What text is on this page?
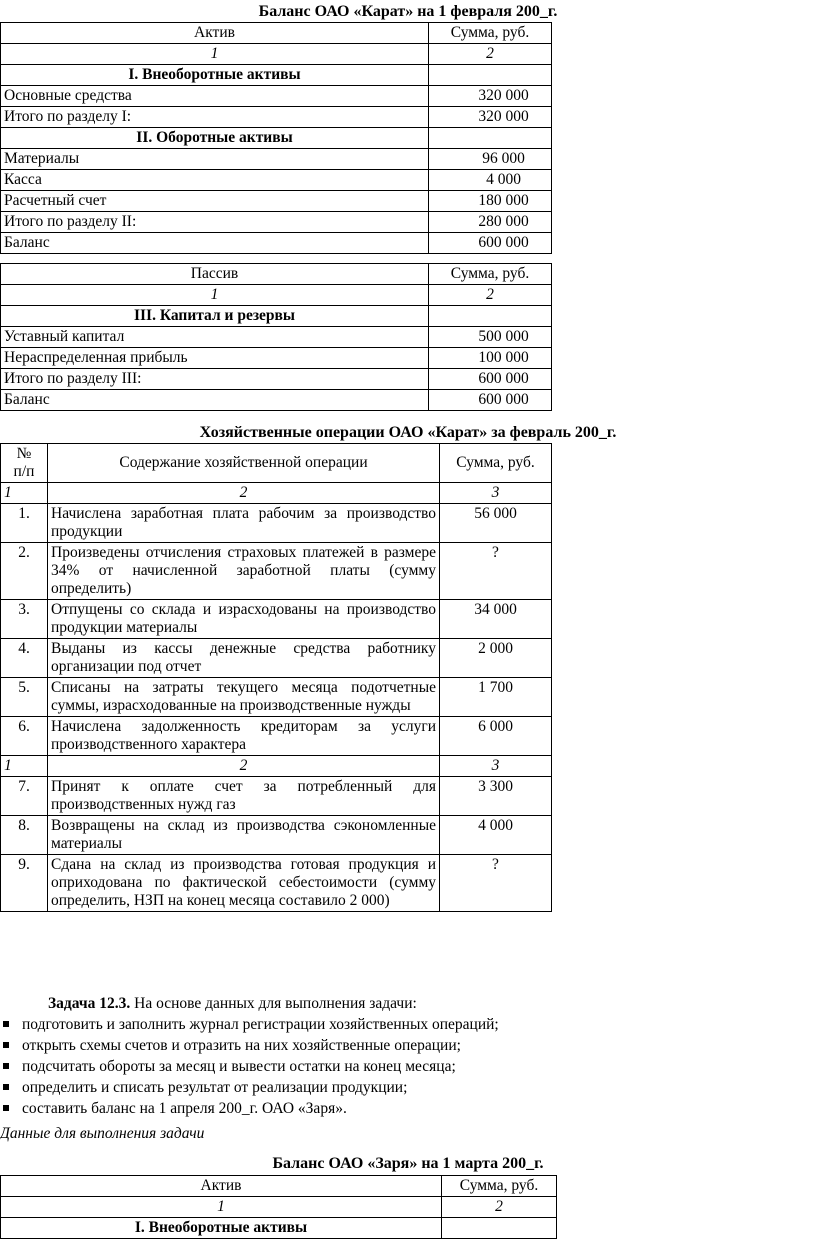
Баланс ОАО «Карат» на 1 февраля 200_г.
Актив	Сумма, руб.
1	2
I. Внеоборотные активы	
Основные средства	320 000
Итого по разделу I:	320 000
II. Оборотные активы	
Материалы	96 000
Касса	4 000
Расчетный счет	180 000
Итого по разделу II:	280 000
Баланс	600 000
Пассив	Сумма, руб.
1	2
III. Капитал и резервы	
Уставный капитал	500 000
Нераспределенная прибыль	100 000
Итого по разделу III:	600 000
Баланс	600 000
Хозяйственные операции ОАО «Карат» за февраль 200_г.
№
п/п	Содержание хозяйственной операции	Сумма, руб.
1	2	3
1.	Начислена заработная плата рабочим за производство продукции	56 000
2.	Произведены отчисления страховых платежей в размере 34% от начисленной заработной платы (сумму определить)	?
3.	Отпущены со склада и израсходованы на производство продукции материалы	34 000
4.	Выданы из кассы денежные средства работнику организации под отчет	2 000
5.	Списаны на затраты текущего месяца подотчетные суммы, израсходованные на производственные нужды	1 700
6.	Начислена задолженность кредиторам за услуги производственного характера	6 000
1	2	3
7.	Принят к оплате счет за потребленный для производственных нужд газ	3 300
8.	Возвращены на склад из производства сэкономленные материалы	4 000
9.	Сдана на склад из производства готовая продукция и оприходована по фактической себестоимости (сумму определить, НЗП на конец месяца составило 2 000)	?

Задача 12.3. На основе данных для выполнения задачи:

подготовить и заполнить журнал регистрации хозяйственных операций;

открыть схемы счетов и отразить на них хозяйственные операции;

подсчитать обороты за месяц и вывести остатки на конец месяца;

определить и списать результат от реализации продукции;

составить баланс на 1 апреля 200_г. ОАО «Заря».

Данные для выполнения задачи

Баланс ОАО «Заря» на 1 марта 200_г.
Актив	Сумма, руб.
1	2
I. Внеоборотные активы	
